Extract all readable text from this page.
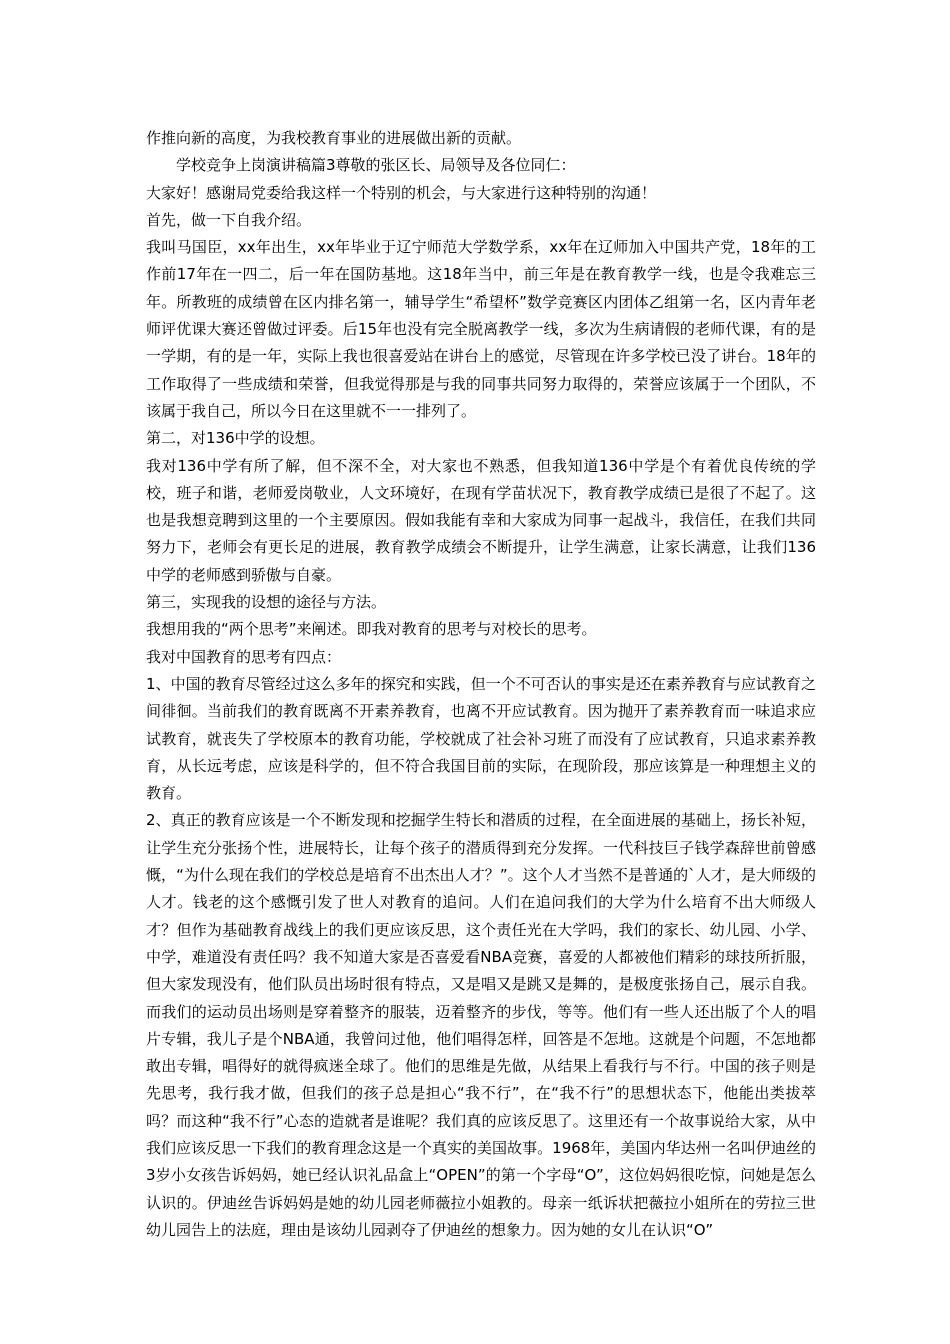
作推向新的高度，为我校教育事业的进展做出新的贡献。

学校竞争上岗演讲稿篇3尊敬的张区长、局领导及各位同仁：

大家好！感谢局党委给我这样一个特别的机会，与大家进行这种特别的沟通！

首先，做一下自我介绍。

我叫马国臣，xx年出生，xx年毕业于辽宁师范大学数学系，xx年在辽师加入中国共产党，18年的工作前17年在一四二，后一年在国防基地。这18年当中，前三年是在教育教学一线，也是令我难忘三年。所教班的成绩曾在区内排名第一，辅导学生“希望杯”数学竞赛区内团体乙组第一名，区内青年老师评优课大赛还曾做过评委。后15年也没有完全脱离教学一线，多次为生病请假的老师代课，有的是一学期，有的是一年，实际上我也很喜爱站在讲台上的感觉，尽管现在许多学校已没了讲台。18年的工作取得了一些成绩和荣誉，但我觉得那是与我的同事共同努力取得的，荣誉应该属于一个团队，不该属于我自己，所以今日在这里就不一一排列了。

第二，对136中学的设想。

我对136中学有所了解，但不深不全，对大家也不熟悉，但我知道136中学是个有着优良传统的学校，班子和谐，老师爱岗敬业，人文环境好，在现有学苗状况下，教育教学成绩已是很了不起了。这也是我想竞聘到这里的一个主要原因。假如我能有幸和大家成为同事一起战斗，我信任，在我们共同努力下，老师会有更长足的进展，教育教学成绩会不断提升，让学生满意，让家长满意，让我们136中学的老师感到骄傲与自豪。

第三，实现我的设想的途径与方法。

我想用我的“两个思考”来阐述。即我对教育的思考与对校长的思考。

我对中国教育的思考有四点：

1、中国的教育尽管经过这么多年的探究和实践，但一个不可否认的事实是还在素养教育与应试教育之间徘徊。当前我们的教育既离不开素养教育，也离不开应试教育。因为抛开了素养教育而一味追求应试教育，就丧失了学校原本的教育功能，学校就成了社会补习班了而没有了应试教育，只追求素养教育，从长远考虑，应该是科学的，但不符合我国目前的实际，在现阶段，那应该算是一种理想主义的教育。

2、真正的教育应该是一个不断发现和挖掘学生特长和潜质的过程，在全面进展的基础上，扬长补短，让学生充分张扬个性，进展特长，让每个孩子的潜质得到充分发挥。一代科技巨子钱学森辞世前曾感慨，“为什么现在我们的学校总是培育不出杰出人才？”。这个人才当然不是普通的`人才，是大师级的人才。钱老的这个感慨引发了世人对教育的追问。人们在追问我们的大学为什么培育不出大师级人才？但作为基础教育战线上的我们更应该反思，这个责任光在大学吗，我们的家长、幼儿园、小学、中学，难道没有责任吗？我不知道大家是否喜爱看NBA竞赛，喜爱的人都被他们精彩的球技所折服，但大家发现没有，他们队员出场时很有特点，又是唱又是跳又是舞的，是极度张扬自己，展示自我。而我们的运动员出场则是穿着整齐的服装，迈着整齐的步伐，等等。他们有一些人还出版了个人的唱片专辑，我儿子是个NBA通，我曾问过他，他们唱得怎样，回答是不怎地。这就是个问题，不怎地都敢出专辑，唱得好的就得疯迷全球了。他们的思维是先做，从结果上看我行与不行。中国的孩子则是先思考，我行我才做，但我们的孩子总是担心“我不行”，在“我不行”的思想状态下，他能出类拔萃吗？而这种“我不行”心态的造就者是谁呢？我们真的应该反思了。这里还有一个故事说给大家，从中我们应该反思一下我们的教育理念这是一个真实的美国故事。1968年，美国内华达州一名叫伊迪丝的3岁小女孩告诉妈妈，她已经认识礼品盒上“OPEN”的第一个字母“O”，这位妈妈很吃惊，问她是怎么认识的。伊迪丝告诉妈妈是她的幼儿园老师薇拉小姐教的。母亲一纸诉状把薇拉小姐所在的劳拉三世幼儿园告上的法庭，理由是该幼儿园剥夺了伊迪丝的想象力。因为她的女儿在认识“O”
